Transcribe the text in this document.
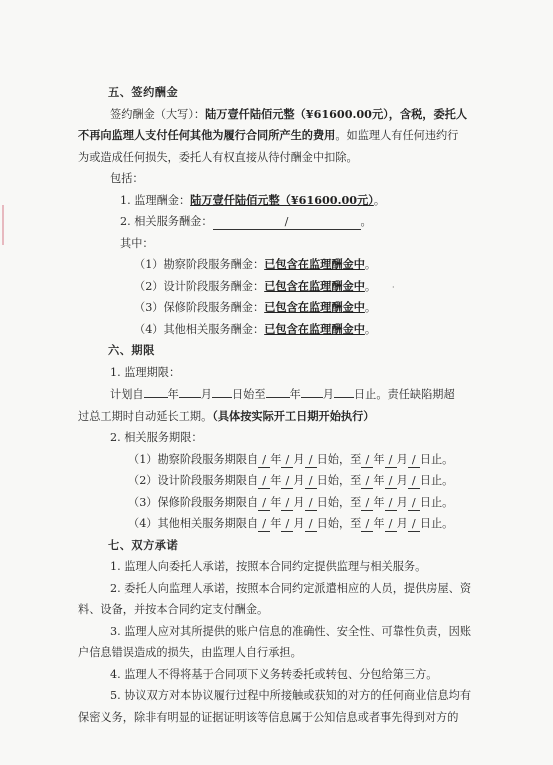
·

五、签约酬金

签约酬金（大写）：陆万壹仟陆佰元整（¥61600.00元），含税，委托人

不再向监理人支付任何其他为履行合同所产生的费用。如监理人有任何违约行

为或造成任何损失，委托人有权直接从待付酬金中扣除。

包括：

1. 监理酬金：陆万壹仟陆佰元整（¥61600.00元）。

2. 相关服务酬金：	/	。

其中：

（1）勘察阶段服务酬金：已包含在监理酬金中。

（2）设计阶段服务酬金：已包含在监理酬金中。

（3）保修阶段服务酬金：已包含在监理酬金中。

（4）其他相关服务酬金：已包含在监理酬金中。

六、期限

1. 监理期限：

计划自 年 月 日始至 年 月 日止。责任缺陷期超

过总工期时自动延长工期。（具体按实际开工日期开始执行）

2. 相关服务期限：

（1）勘察阶段服务期限自 / 年 / 月 / 日始，至 / 年 / 月 / 日止。

（2）设计阶段服务期限自 / 年 / 月 / 日始，至 / 年 / 月 / 日止。

（3）保修阶段服务期限自 / 年 / 月 / 日始，至 / 年 / 月 / 日止。

（4）其他相关服务期限自 / 年 / 月 / 日始，至 / 年 / 月 / 日止。

七、双方承诺

1. 监理人向委托人承诺，按照本合同约定提供监理与相关服务。

2. 委托人向监理人承诺，按照本合同约定派遣相应的人员，提供房屋、资

料、设备，并按本合同约定支付酬金。

3. 监理人应对其所提供的账户信息的准确性、安全性、可靠性负责，因账

户信息错误造成的损失，由监理人自行承担。

4. 监理人不得将基于合同项下义务转委托或转包、分包给第三方。

5. 协议双方对本协议履行过程中所接触或获知的对方的任何商业信息均有

保密义务，除非有明显的证据证明该等信息属于公知信息或者事先得到对方的
